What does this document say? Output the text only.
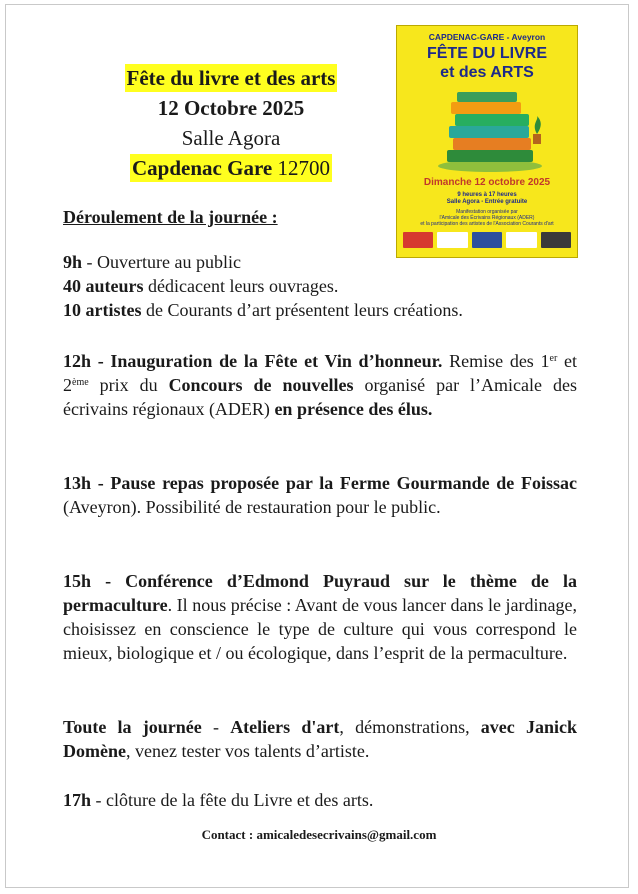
Fête du livre et des arts
12 Octobre 2025
Salle Agora
Capdenac Gare 12700
CAPDENAC-GARE - Aveyron
FÊTE DU LIVRE
et des ARTS
Dimanche 12 octobre 2025
9 heures à 17 heures
Salle Agora - Entrée gratuite
Manifestation organisée par
l'Amicale des Écrivains Régionaux (ADER)
et la participation des artistes de l'Association Courants d'art
Déroulement de la journée :

9h - Ouverture au public

40 auteurs dédicacent leurs ouvrages.

10 artistes de Courants d’art présentent leurs créations.

12h - Inauguration de la Fête et Vin d’honneur. Remise des 1er et 2ème prix du Concours de nouvelles organisé par l’Amicale des écrivains régionaux (ADER) en présence des élus.

13h - Pause repas proposée par la Ferme Gourmande de Foissac (Aveyron). Possibilité de restauration pour le public.

15h - Conférence d’Edmond Puyraud sur le thème de la permaculture. Il nous précise : Avant de vous lancer dans le jardinage, choisissez en conscience le type de culture qui vous correspond le mieux, biologique et / ou écologique, dans l’esprit de la permaculture.

Toute la journée - Ateliers d'art, démonstrations, avec Janick Domène, venez tester vos talents d’artiste.

17h - clôture de la fête du Livre et des arts.

Contact : amicaledesecrivains@gmail.com
